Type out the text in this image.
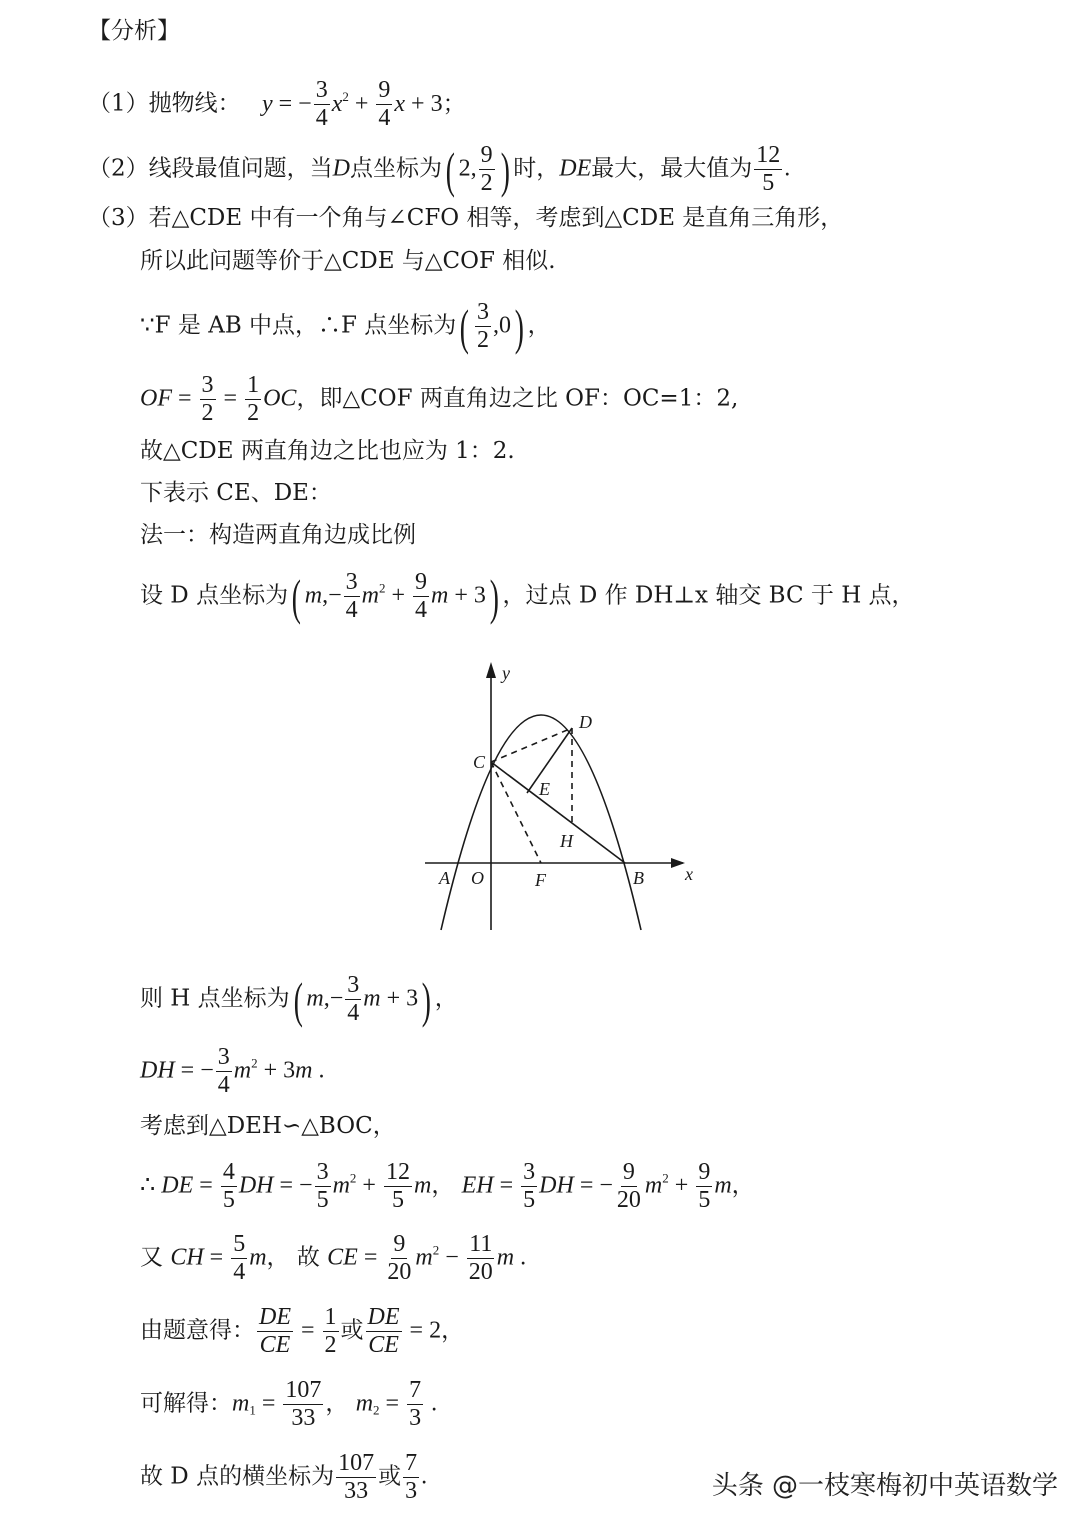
【分析】
（1）抛物线： y = − $\frac{3}{4} x^2 + \frac{9}{4}$ x + 3；
（2）线段最值问题，当D点坐标为( 2, $\frac{9}{2}$ ) 时，DE最大，最大值为 $\frac{12}{5}$ .
（3）若△CDE 中有一个角与∠CFO 相等，考虑到△CDE 是直角三角形，
所以此问题等价于△CDE 与△COF 相似.
∵F 是 AB 中点，∴F 点坐标为( $\frac{3}{2} ,0$) ，
OF = $\frac{3}{2} = \frac{1}{2}$ OC，即△COF 两直角边之比 OF：OC=1：2,
故△CDE 两直角边之比也应为 1：2.
下表示 CE、DE：
法一：构造两直角边成比例
设 D 点坐标为( $m,- \frac{3}{4} m^2 + \frac{9}{4}$ m + 3) ，过点 D 作 DH⊥x 轴交 BC 于 H 点，
y
D
C
E
H
A O	F	B x
则 H 点坐标为( $m,- \frac{3}{4}$ m + 3) ，
DH = − $\frac{3}{4} m^2 + 3m$ .
考虑到△DEH∽△BOC，
∴ DE = $\frac{4}{5}$ DH = − $\frac{3}{5} m^2 + \frac{12}{5}$ m， EH = $\frac{3}{5}$ DH = − $\frac{9}{20} m^2 + \frac{9}{5}$ m，
又 CH = $\frac{5}{4}$ m， 故 CE = $\frac{9}{20} m^2 - \frac{11}{20}$ m .
由题意得： $\frac{DE}{CE} = \frac{1}{2}$ 或 $\frac{DE}{CE} = 2$，
可解得：$m_1 = \frac{107}{33}$ ， $m_2 = \frac{7}{3}$ .
故 D 点的横坐标为 $\frac{107}{33}$ 或 $\frac{7}{3}$ .	头条 @一枝寒梅初中英语数学
